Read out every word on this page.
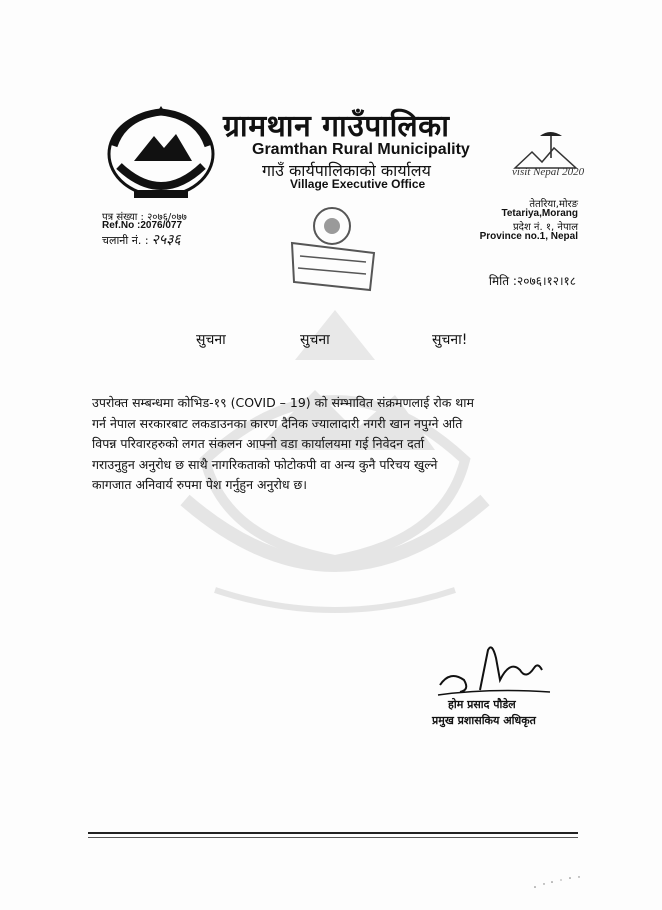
ग्रामथान गाउँपालिका
Gramthan Rural Municipality
गाउँ कार्यपालिकाको कार्यालय
Village Executive Office
visit Nepal 2020
पत्र संख्या : २०७६/०७७
Ref.No :2076/077
चलानी नं. : २५३६
तेतरिया,मोरङ
Tetariya,Morang
प्रदेश नं. १, नेपाल
Province no.1, Nepal
मिति :२०७६।१२।१८
सुचना	सुचना	सुचना!
उपरोक्त सम्बन्धमा कोभिड-१९ (COVID – 19) को संम्भावित संक्रमणलाई रोक थाम
गर्न नेपाल सरकारबाट लकडाउनका कारण दैनिक ज्यालादारी नगरी खान नपुग्ने अति
विपन्न परिवारहरुको लगत संकलन आफ्नो वडा कार्यालयमा गई निवेदन दर्ता
गराउनुहुन अनुरोध छ साथै नागरिकताको फोटोकपी वा अन्य कुनै परिचय खुल्ने
कागजात अनिवार्य रुपमा पेश गर्नुहुन अनुरोध छ।
होम प्रसाद पौडेल
प्रमुख प्रशासकिय अधिकृत
